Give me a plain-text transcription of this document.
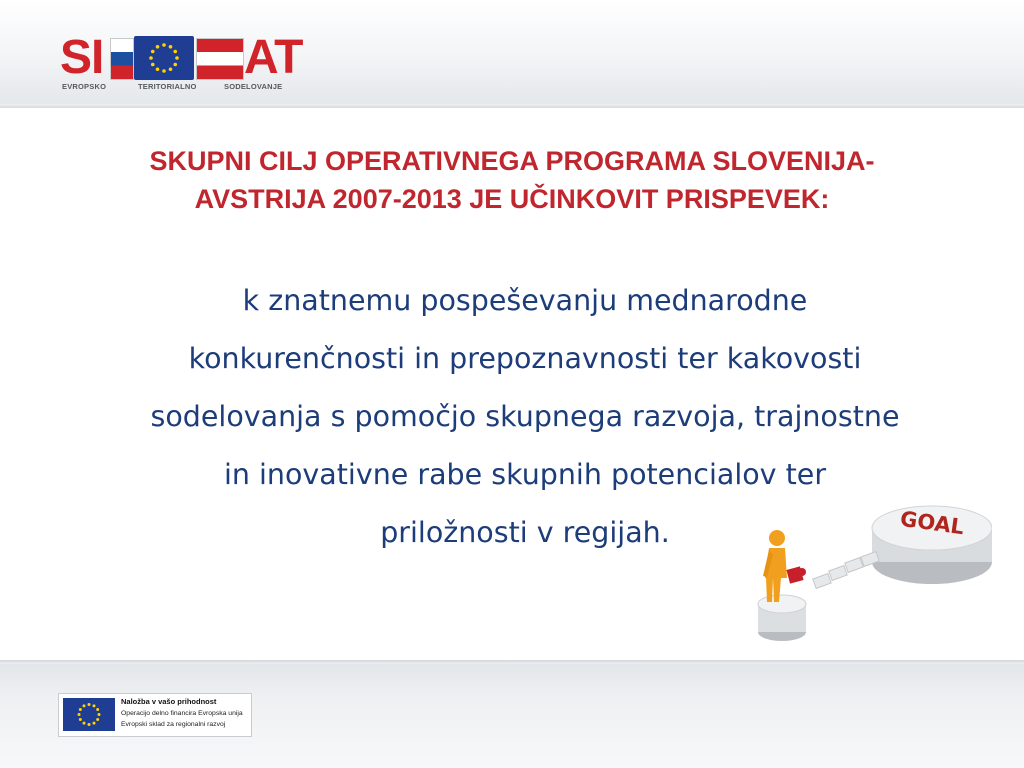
SI	AT
EVROPSKO	TERITORIALNO	SODELOVANJE
SKUPNI CILJ OPERATIVNEGA PROGRAMA SLOVENIJA-
AVSTRIJA 2007-2013 JE UČINKOVIT PRISPEVEK:
k znatnemu pospeševanju mednarodne
konkurenčnosti in prepoznavnosti ter kakovosti
sodelovanja s pomočjo skupnega razvoja, trajnostne
in inovativne rabe skupnih potencialov ter
priložnosti v regijah.	GOAL
Naložba v vašo prihodnost
Operacijo delno financira Evropska unija
Evropski sklad za regionalni razvoj
